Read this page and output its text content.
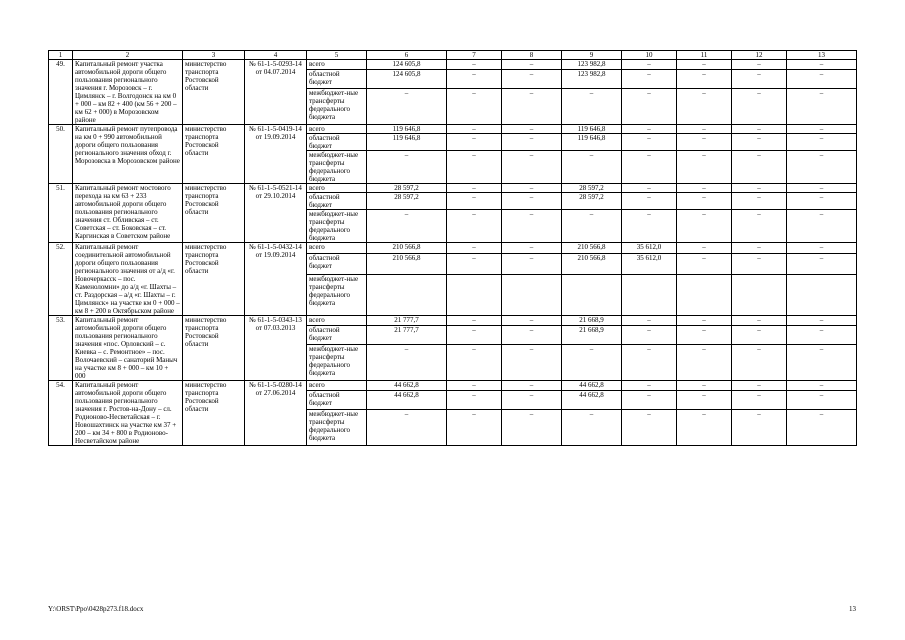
1	2	3	4	5	6	7	8	9	10	11	12	13
49.	Капитальный ремонт участка автомобильной дороги общего пользования регионального значения г. Морозовск – г. Цимлянск – г. Волгодонск на км 0 + 000 – км 82 + 400 (км 56 + 200 – км 62 + 000) в Морозовском районе	министерство транспорта Ростовской области	№ 61-1-5-0293-14 от 04.07.2014	всего	124 605,8	–	–	123 982,8	–	–	–	–
				областной бюджет	124 605,8	–	–	123 982,8	–	–	–	–
				межбюджет-ные трансферты федерального бюджета	–	–	–	–	–	–	–	–
50.	Капитальный ремонт путепровода на км 0 + 990 автомобильной дороги общего пользования регионального значения обход г. Морозовска в Морозовском районе	министерство транспорта Ростовской области	№ 61-1-5-0419-14 от 19.09.2014	всего	119 646,8	–	–	119 646,8	–	–	–	–
				областной бюджет	119 646,8	–	–	119 646,8	–	–	–	–
				межбюджет-ные трансферты федерального бюджета	–	–	–	–	–	–	–	–
51.	Капитальный ремонт мостового перехода на км 63 + 233 автомобильной дороги общего пользования регионального значения ст. Обливская – ст. Советская – ст. Боковская – ст. Каргинская в Советском районе	министерство транспорта Ростовской области	№ 61-1-5-0521-14 от 29.10.2014	всего	28 597,2	–	–	28 597,2	–	–	–	–
				областной бюджет	28 597,2	–	–	28 597,2	–	–	–	–
				межбюджет-ные трансферты федерального бюджета	–	–	–	–	–	–	–	–
52.	Капитальный ремонт соединительной автомобильной дороги общего пользования регионального значения от а/д «г. Новочеркасск – пос. Каменоломни» до а/д «г. Шахты – ст. Раздорская – а/д «г. Шахты – г. Цимлянск» на участке км 0 + 000 – км 8 + 200 в Октябрьском районе	министерство транспорта Ростовской области	№ 61-1-5-0432-14 от 19.09.2014	всего	210 566,8	–	–	210 566,8	35 612,0	–	–	–
				областной бюджет	210 566,8	–	–	210 566,8	35 612,0	–	–	–
				межбюджет-ные трансферты федерального бюджета								
53.	Капитальный ремонт автомобильной дороги общего пользования регионального значения «пос. Орловский – с. Киевка – с. Ремонтное» – пос. Волочаевский – санаторий Маныч на участке км 8 + 000 – км 10 + 000	министерство транспорта Ростовской области	№ 61-1-5-0343-13 от 07.03.2013	всего	21 777,7	–	–	21 668,9	–	–	–	–
				областной бюджет	21 777,7	–	–	21 668,9	–	–	–	–
				межбюджет-ные трансферты федерального бюджета	–	–	–	–	–	–	–	–
54.	Капитальный ремонт автомобильной дороги общего пользования регионального значения г. Ростов-на-Дону – сл. Родионово-Несветайская – г. Новошахтинск на участке км 37 + 200 – км 34 + 800 в Родионово-Несветайском районе	министерство транспорта Ростовской области	№ 61-1-5-0280-14 от 27.06.2014	всего	44 662,8	–	–	44 662,8	–	–	–	–
				областной бюджет	44 662,8	–	–	44 662,8	–	–	–	–
				межбюджет-ные трансферты федерального бюджета	–	–	–	–	–	–	–	–
Y:\ORST\Ppo\0428p273.f18.docx	13
